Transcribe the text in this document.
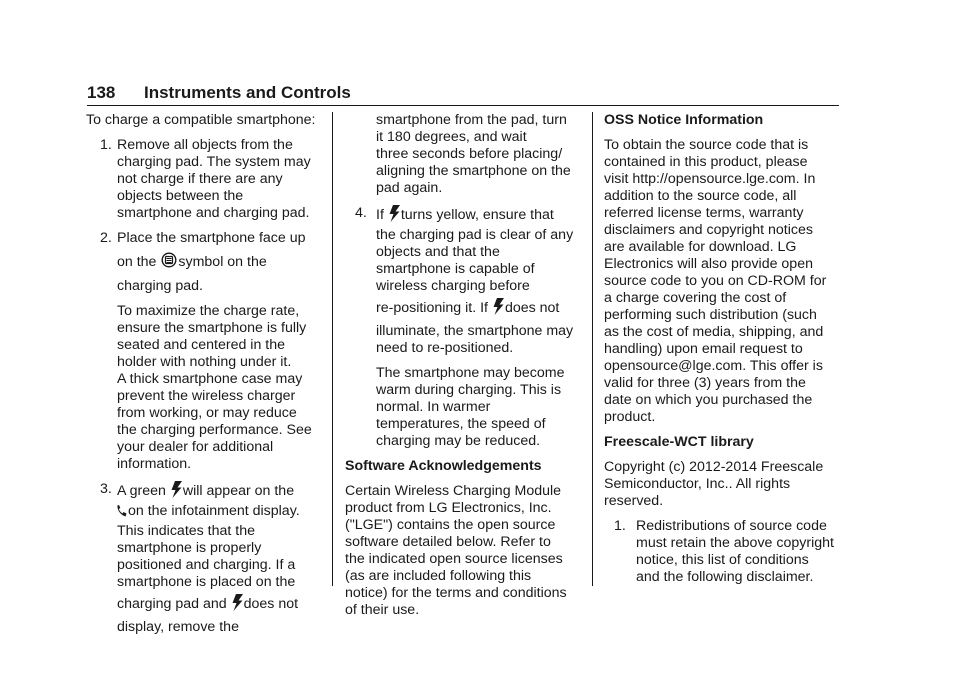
138 Instruments and Controls

To charge a compatible smartphone:

1. Remove all objects from the
charging pad. The system may
not charge if there are any
objects between the
smartphone and charging pad.
2. Place the smartphone face up
on the symbol on the
charging pad.
To maximize the charge rate,
ensure the smartphone is fully
seated and centered in the
holder with nothing under it.
A thick smartphone case may
prevent the wireless charger
from working, or may reduce
the charging performance. See
your dealer for additional
information.
3. A green will appear on the
on the infotainment display.
This indicates that the
smartphone is properly
positioned and charging. If a
smartphone is placed on the
charging pad and does not
display, remove the
smartphone from the pad, turn
it 180 degrees, and wait
three seconds before placing/
aligning the smartphone on the
pad again.
4. If turns yellow, ensure that
the charging pad is clear of any
objects and that the
smartphone is capable of
wireless charging before
re-positioning it. If does not
illuminate, the smartphone may
need to re-positioned.
The smartphone may become
warm during charging. This is
normal. In warmer
temperatures, the speed of
charging may be reduced.

Software Acknowledgements

Certain Wireless Charging Module
product from LG Electronics, Inc.
("LGE") contains the open source
software detailed below. Refer to
the indicated open source licenses
(as are included following this
notice) for the terms and conditions
of their use.

OSS Notice Information

To obtain the source code that is
contained in this product, please
visit http://opensource.lge.com. In
addition to the source code, all
referred license terms, warranty
disclaimers and copyright notices
are available for download. LG
Electronics will also provide open
source code to you on CD-ROM for
a charge covering the cost of
performing such distribution (such
as the cost of media, shipping, and
handling) upon email request to
opensource@lge.com. This offer is
valid for three (3) years from the
date on which you purchased the
product.

Freescale-WCT library

Copyright (c) 2012-2014 Freescale
Semiconductor, Inc.. All rights
reserved.

1. Redistributions of source code
must retain the above copyright
notice, this list of conditions
and the following disclaimer.
